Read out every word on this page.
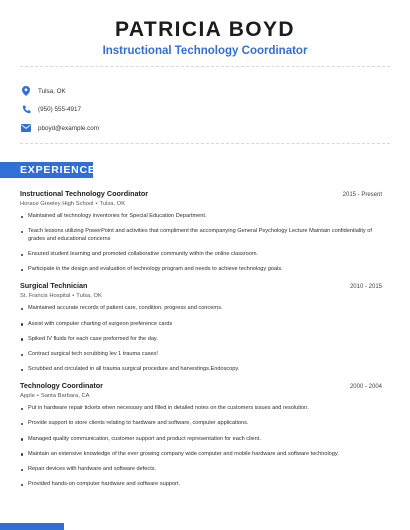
PATRICIA BOYD
Instructional Technology Coordinator
Tulsa, OK
(950) 555-4917
pboyd@example.com
EXPERIENCE
Instructional Technology Coordinator	2015 - Present
Horace Greeley High School • Tulsa, OK
Maintained all technology inventories for Special Education Department.
Teach lessons utilizing PowerPoint and activities that compliment the accompanying General Psychology Lecture Maintain confidentiality of grades and educational concerns
Ensured student learning and promoted collaborative community within the online classroom.
Participate in the design and evaluation of technology program and needs to achieve technology goals.
Surgical Technician	2010 - 2015
St. Francis Hospital • Tulsa, OK
Maintained accurate records of patient care, condition, progress and concerns.
Assist with computer charting of surgeon preference cards
Spiked IV fluids for each case preformed for the day.
Contract surgical tech scrubbing lev 1 trauma cases!
Scrubbed and circulated in all trauma surgical procedure and harvestings.Endoscopy.
Technology Coordinator	2000 - 2004
Apple • Santa Barbara, CA
Put in hardware repair tickets when necessary and filled in detailed notes on the customers issues and resolution.
Provide support to store clients relating to hardware and software, computer applications.
Managed quality communication, customer support and product representation for each client.
Maintain an extensive knowledge of the ever growing company wide computer and mobile hardware and software technology.
Repair devices with hardware and software defects.
Provided hands-on computer hardware and software support.
